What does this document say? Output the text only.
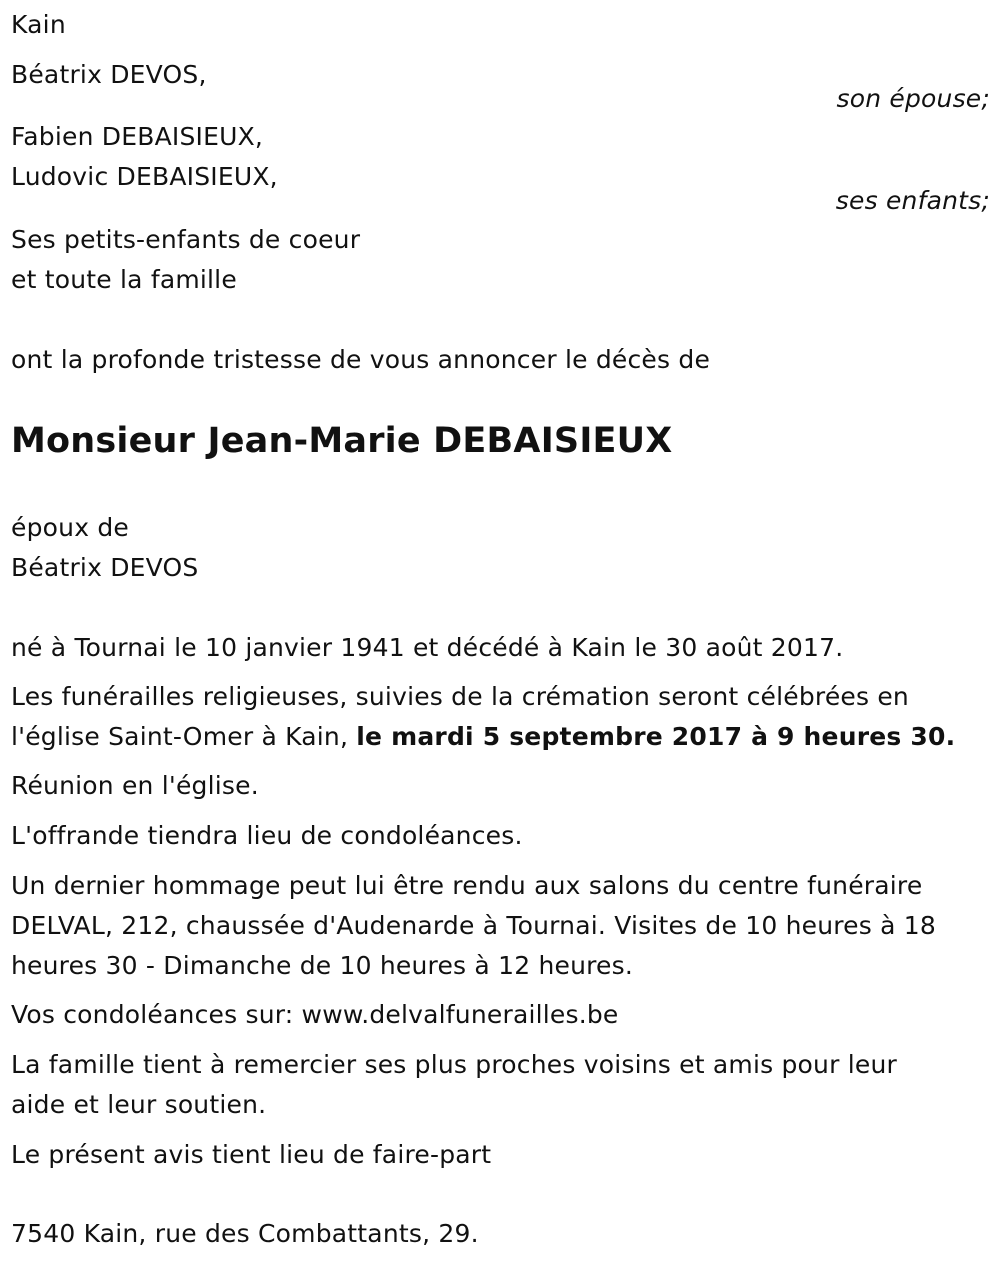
Kain
Béatrix DEVOS,
son épouse;
Fabien DEBAISIEUX,
Ludovic DEBAISIEUX,
ses enfants;
Ses petits-enfants de coeur
et toute la famille
ont la profonde tristesse de vous annoncer le décès de
Monsieur Jean-Marie DEBAISIEUX
époux de
Béatrix DEVOS
né à Tournai le 10 janvier 1941 et décédé à Kain le 30 août 2017.
Les funérailles religieuses, suivies de la crémation seront célébrées en
l'église Saint-Omer à Kain, le mardi 5 septembre 2017 à 9 heures 30.
Réunion en l'église.
L'offrande tiendra lieu de condoléances.
Un dernier hommage peut lui être rendu aux salons du centre funéraire
DELVAL, 212, chaussée d'Audenarde à Tournai. Visites de 10 heures à 18
heures 30 - Dimanche de 10 heures à 12 heures.
Vos condoléances sur: www.delvalfunerailles.be
La famille tient à remercier ses plus proches voisins et amis pour leur
aide et leur soutien.
Le présent avis tient lieu de faire-part
7540 Kain, rue des Combattants, 29.
